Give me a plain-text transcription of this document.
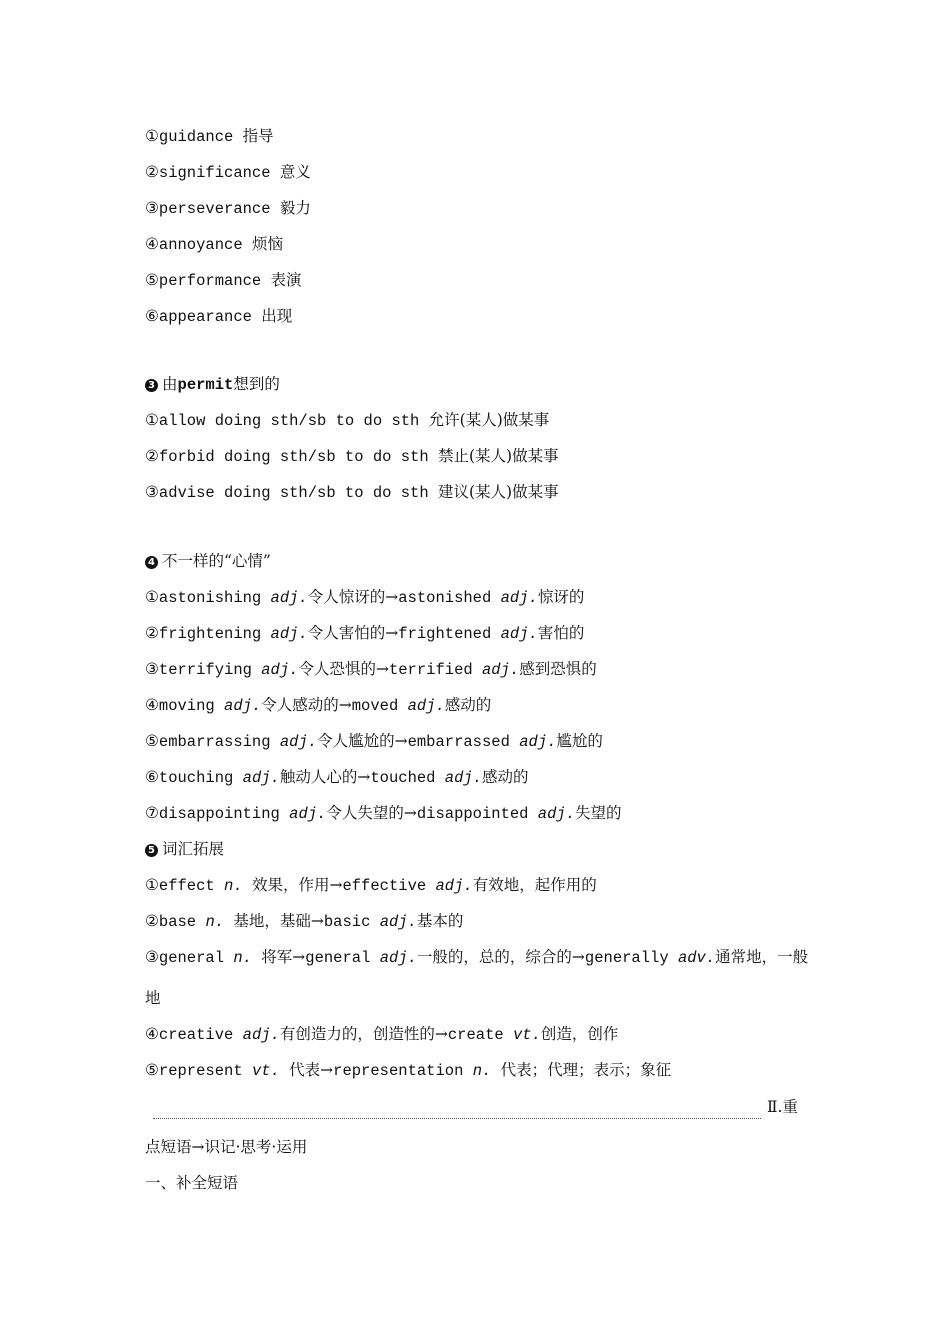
①guidance 指导
②significance 意义
③perseverance 毅力
④annoyance 烦恼
⑤performance 表演
⑥appearance 出现
3 由permit想到的
①allow doing sth/sb to do sth 允许(某人)做某事
②forbid doing sth/sb to do sth 禁止(某人)做某事
③advise doing sth/sb to do sth 建议(某人)做某事
4 不一样的“心情”
①astonishing adj.令人惊讶的→astonished adj.惊讶的
②frightening adj.令人害怕的→frightened adj.害怕的
③terrifying adj.令人恐惧的→terrified adj.感到恐惧的
④moving adj.令人感动的→moved adj.感动的
⑤embarrassing adj.令人尴尬的→embarrassed adj.尴尬的
⑥touching adj.触动人心的→touched adj.感动的
⑦disappointing adj.令人失望的→disappointed adj.失望的
5 词汇拓展
①effect n. 效果，作用→effective adj.有效地，起作用的
②base n. 基地，基础→basic adj.基本的
③general n. 将军→general adj.一般的，总的，综合的→generally adv.通常地，一般
地
④creative adj.有创造力的，创造性的→create vt.创造，创作
⑤represent vt. 代表→representation n. 代表；代理；表示；象征
Ⅱ.重
点短语→识记·思考·运用
一、补全短语
